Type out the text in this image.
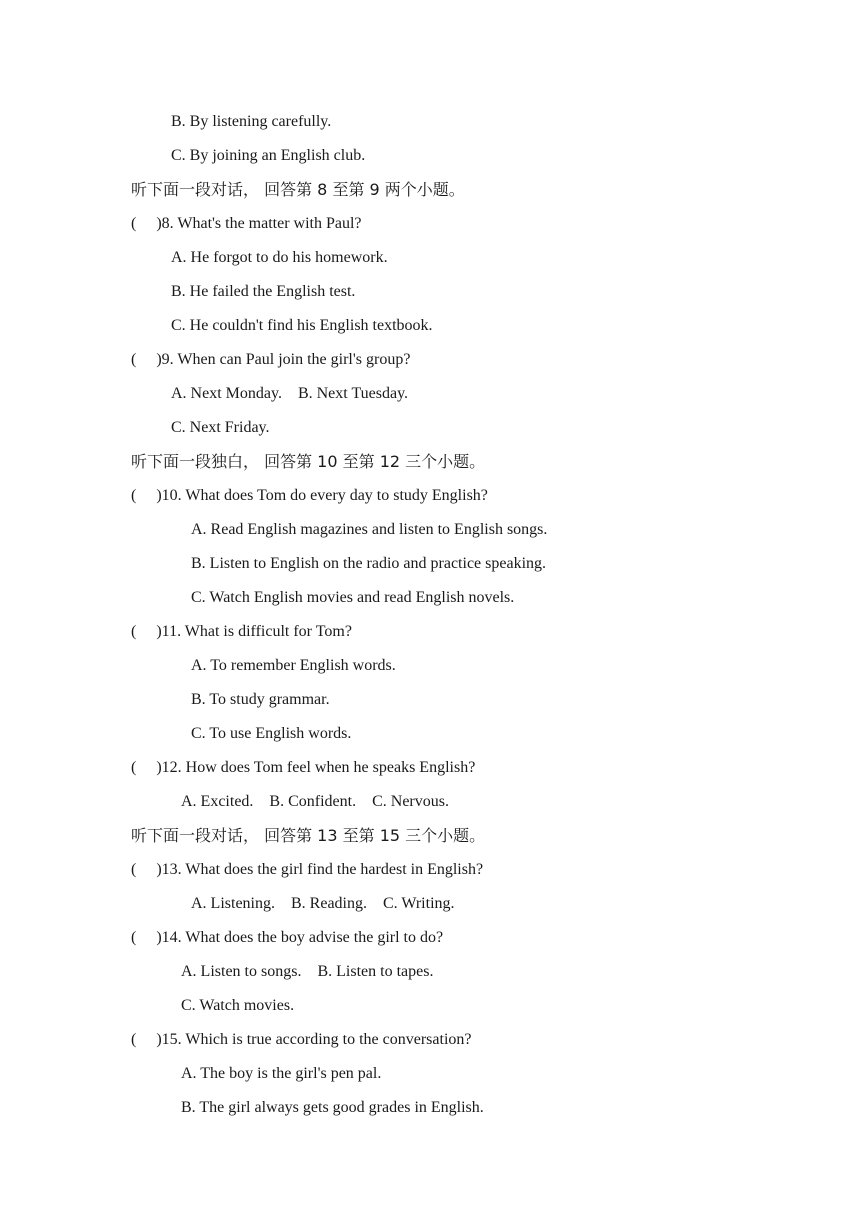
B. By listening carefully.
C. By joining an English club.
听下面一段对话， 回答第 8 至第 9 两个小题。
(　 )8. What's the matter with Paul?
A. He forgot to do his homework.
B. He failed the English test.
C. He couldn't find his English textbook.
(　 )9. When can Paul join the girl's group?
A. Next Monday. B. Next Tuesday.
C. Next Friday.
听下面一段独白， 回答第 10 至第 12 三个小题。
(　 )10. What does Tom do every day to study English?
A. Read English magazines and listen to English songs.
B. Listen to English on the radio and practice speaking.
C. Watch English movies and read English novels.
(　 )11. What is difficult for Tom?
A. To remember English words.
B. To study grammar.
C. To use English words.
(　 )12. How does Tom feel when he speaks English?
A. Excited. B. Confident. C. Nervous.
听下面一段对话， 回答第 13 至第 15 三个小题。
(　 )13. What does the girl find the hardest in English?
A. Listening. B. Reading. C. Writing.
(　 )14. What does the boy advise the girl to do?
A. Listen to songs. B. Listen to tapes.
C. Watch movies.
(　 )15. Which is true according to the conversation?
A. The boy is the girl's pen pal.
B. The girl always gets good grades in English.
